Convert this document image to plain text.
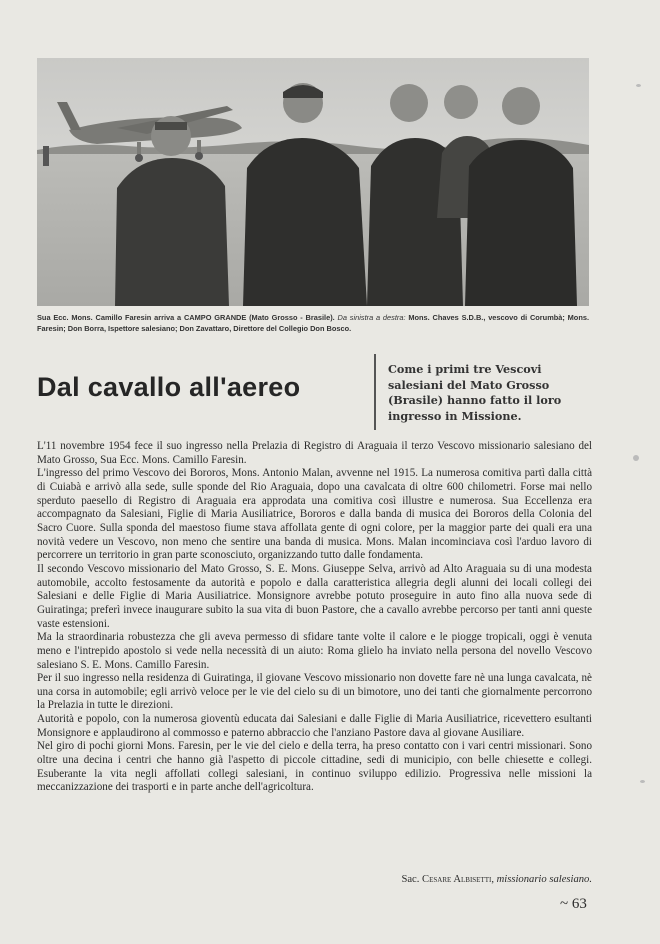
Sua Ecc. Mons. Camillo Faresin arriva a CAMPO GRANDE (Mato Grosso - Brasile). Da sinistra a destra: Mons. Chaves S.D.B., vescovo di Corumbà; Mons. Faresin; Don Borra, Ispettore salesiano; Don Zavattaro, Direttore del Collegio Don Bosco.
Dal cavallo all'aereo
Come i primi tre Vescovi salesiani del Mato Grosso (Brasile) hanno fatto il loro ingresso in Missione.

L'11 novembre 1954 fece il suo ingresso nella Prelazia di Registro di Araguaia il terzo Vescovo missionario salesiano del Mato Grosso, Sua Ecc. Mons. Camillo Faresin.

L'ingresso del primo Vescovo dei Bororos, Mons. Antonio Malan, avvenne nel 1915. La numerosa comitiva partì dalla città di Cuiabà e arrivò alla sede, sulle sponde del Rio Araguaia, dopo una cavalcata di oltre 600 chilometri. Forse mai nello sperduto paesello di Registro di Araguaia era approdata una comitiva così illustre e numerosa. Sua Eccellenza era accompagnato da Salesiani, Figlie di Maria Ausiliatrice, Bororos e dalla banda di musica dei Bororos della Colonia del Sacro Cuore. Sulla sponda del maestoso fiume stava affollata gente di ogni colore, per la maggior parte dei quali era una novità vedere un Vescovo, non meno che sentire una banda di musica. Mons. Malan incominciava così l'arduo lavoro di percorrere un territorio in gran parte sconosciuto, organizzando tutto dalle fondamenta.

Il secondo Vescovo missionario del Mato Grosso, S. E. Mons. Giuseppe Selva, arrivò ad Alto Araguaia su di una modesta automobile, accolto festosamente da autorità e popolo e dalla caratteristica allegria degli alunni dei locali collegi dei Salesiani e delle Figlie di Maria Ausiliatrice. Monsignore avrebbe potuto proseguire in auto fino alla nuova sede di Guiratinga; preferì invece inaugurare subito la sua vita di buon Pastore, che a cavallo avrebbe percorso per tanti anni queste vaste estensioni.

Ma la straordinaria robustezza che gli aveva permesso di sfidare tante volte il calore e le piogge tropicali, oggi è venuta meno e l'intrepido apostolo si vede nella necessità di un aiuto: Roma glielo ha inviato nella persona del novello Vescovo salesiano S. E. Mons. Camillo Faresin.

Per il suo ingresso nella residenza di Guiratinga, il giovane Vescovo missionario non dovette fare nè una lunga cavalcata, nè una corsa in automobile; egli arrivò veloce per le vie del cielo su di un bimotore, uno dei tanti che giornalmente percorrono la Prelazia in tutte le direzioni.

Autorità e popolo, con la numerosa gioventù educata dai Salesiani e dalle Figlie di Maria Ausiliatrice, ricevettero esultanti Monsignore e applaudirono al commosso e paterno abbraccio che l'anziano Pastore dava al giovane Ausiliare.

Nel giro di pochi giorni Mons. Faresin, per le vie del cielo e della terra, ha preso contatto con i vari centri missionari. Sono oltre una decina i centri che hanno già l'aspetto di piccole cittadine, sedi di municipio, con belle chiesette e collegi. Esuberante la vita negli affollati collegi salesiani, in continuo sviluppo edilizio. Progressiva nelle missioni la meccanizzazione dei trasporti e in parte anche dell'agricoltura.

Sac. Cesare Albisetti, missionario salesiano.
~ 63
